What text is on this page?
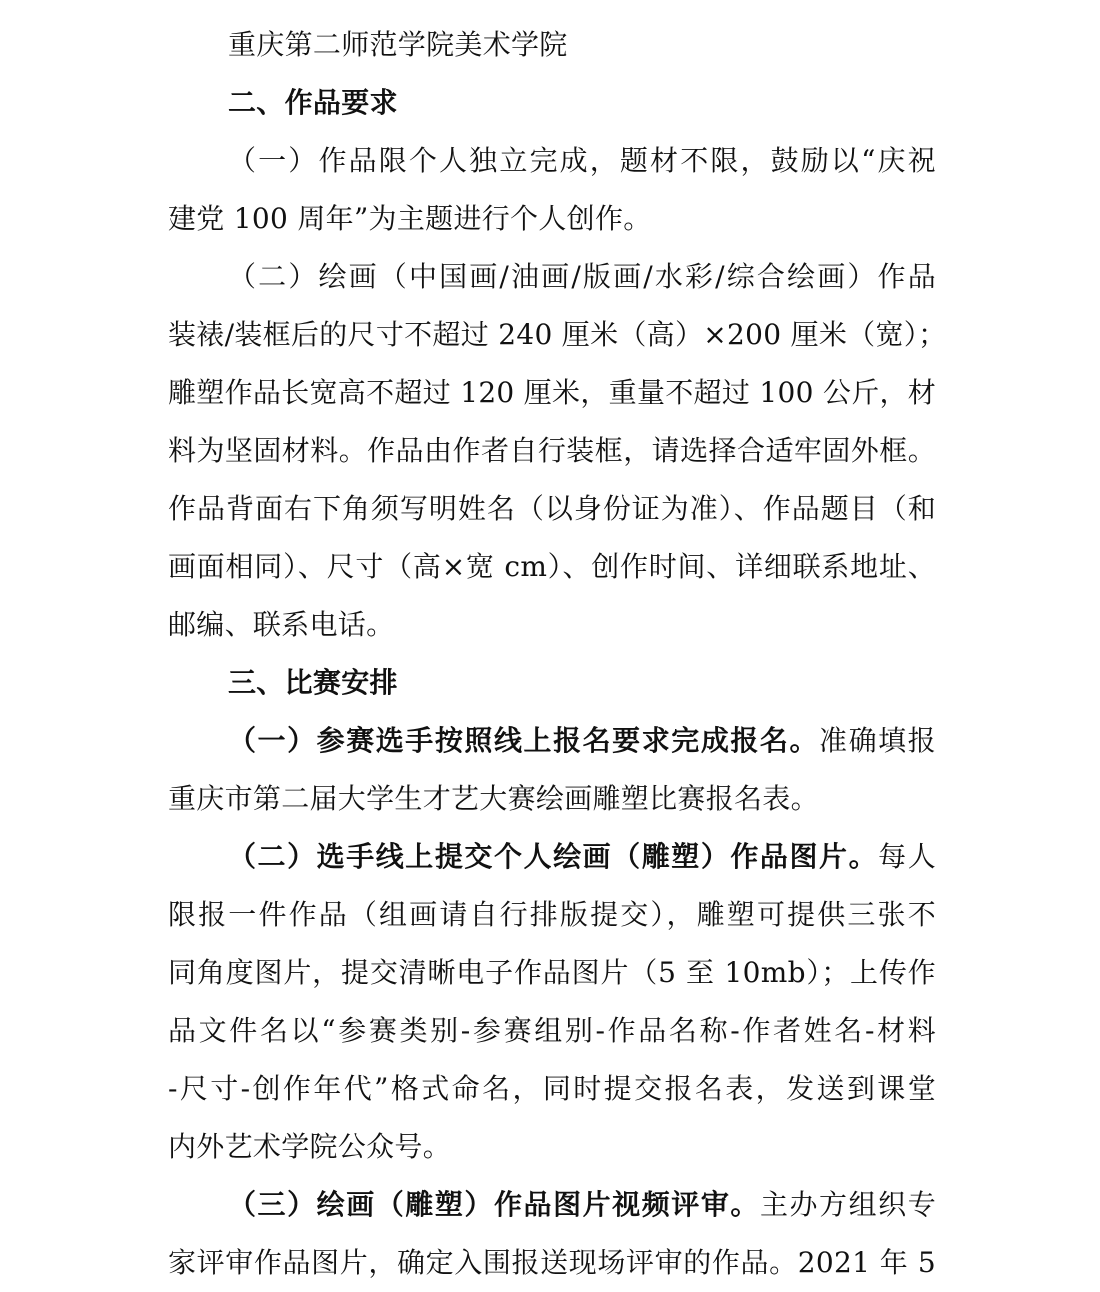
重庆第二师范学院美术学院
二、作品要求
（一）作品限个人独立完成，题材不限，鼓励以“庆祝
建党 100 周年”为主题进行个人创作。
（二）绘画（中国画/油画/版画/水彩/综合绘画）作品
装裱/装框后的尺寸不超过 240 厘米（高）×200 厘米（宽）；
雕塑作品长宽高不超过 120 厘米，重量不超过 100 公斤，材
料为坚固材料。作品由作者自行装框，请选择合适牢固外框。
作品背面右下角须写明姓名（以身份证为准）、作品题目（和
画面相同）、尺寸（高×宽 cm）、创作时间、详细联系地址、
邮编、联系电话。
三、比赛安排
（一）参赛选手按照线上报名要求完成报名。准确填报
重庆市第二届大学生才艺大赛绘画雕塑比赛报名表。
（二）选手线上提交个人绘画（雕塑）作品图片。每人
限报一件作品（组画请自行排版提交），雕塑可提供三张不
同角度图片，提交清晰电子作品图片（5 至 10mb）；上传作
品文件名以“参赛类别-参赛组别-作品名称-作者姓名-材料
-尺寸-创作年代”格式命名，同时提交报名表，发送到课堂
内外艺术学院公众号。
（三）绘画（雕塑）作品图片视频评审。主办方组织专
家评审作品图片，确定入围报送现场评审的作品。2021 年 5
